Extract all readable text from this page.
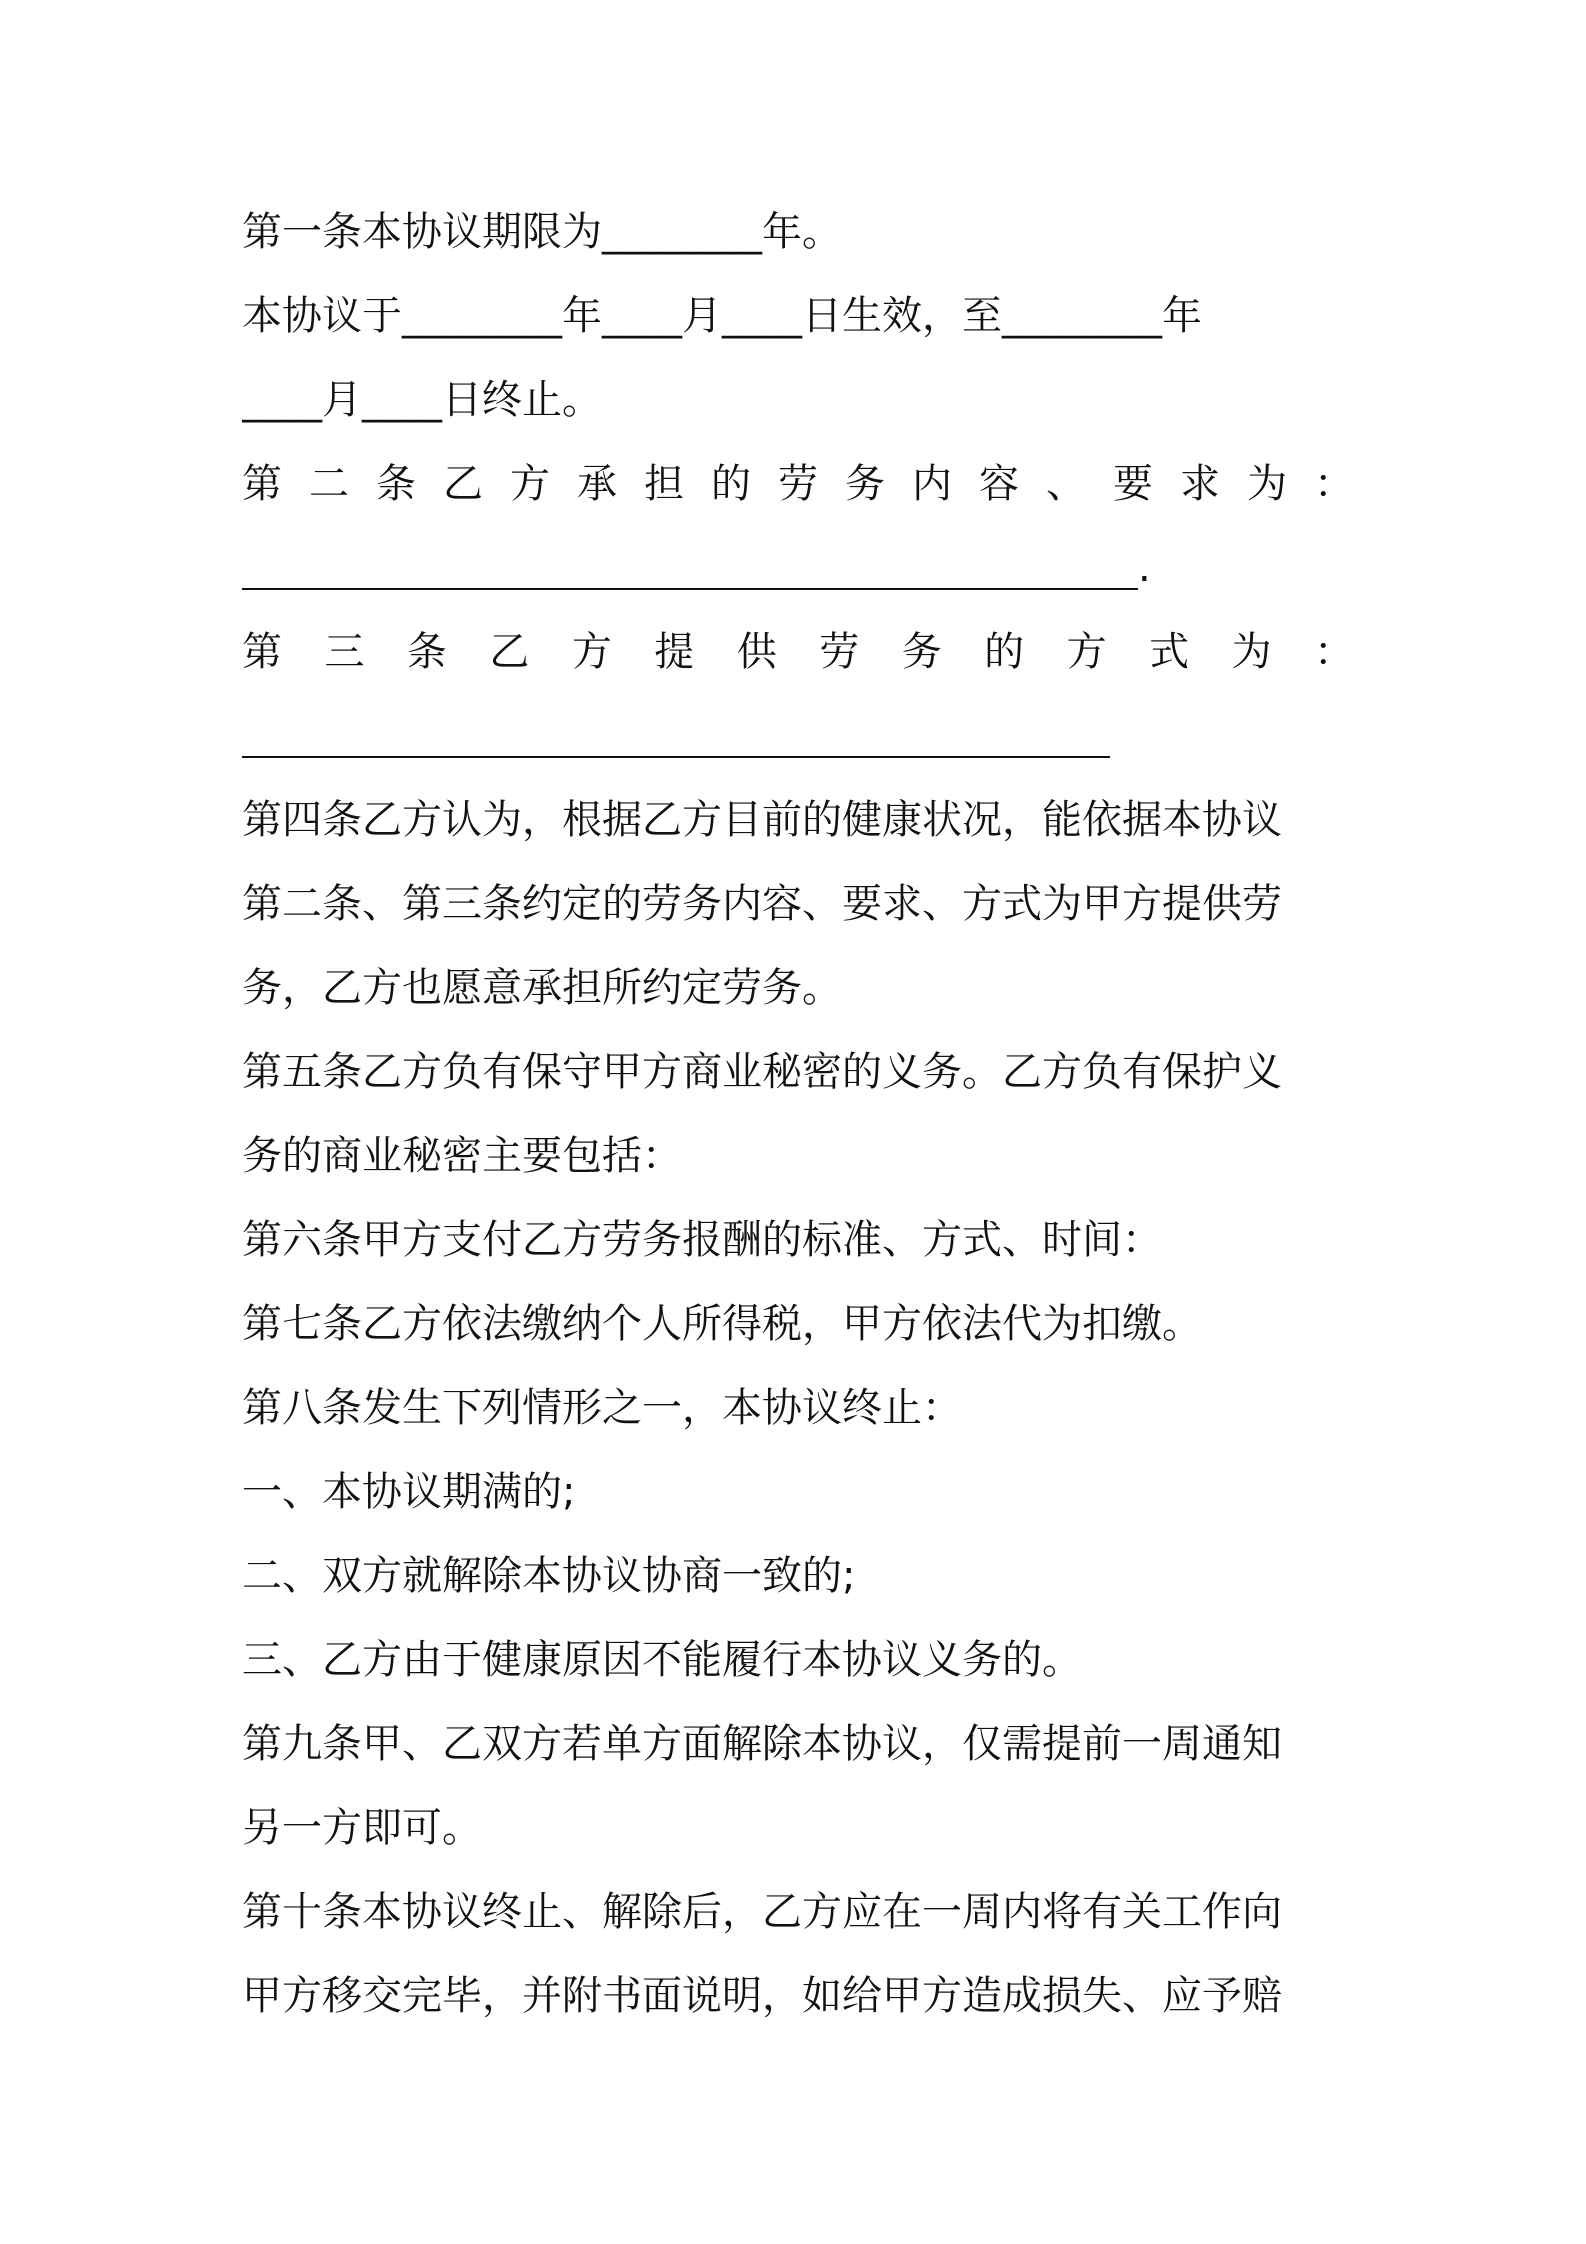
第一条本协议期限为________年。
本协议于________年____月____日生效，至________年
____月____日终止。
第二条乙方承担的劳务内容、要求为：
.
第三条乙方提供劳务的方式为：
第四条乙方认为，根据乙方目前的健康状况，能依据本协议
第二条、第三条约定的劳务内容、要求、方式为甲方提供劳
务，乙方也愿意承担所约定劳务。
第五条乙方负有保守甲方商业秘密的义务。乙方负有保护义
务的商业秘密主要包括：
第六条甲方支付乙方劳务报酬的标准、方式、时间：
第七条乙方依法缴纳个人所得税，甲方依法代为扣缴。
第八条发生下列情形之一，本协议终止：
一、本协议期满的;
二、双方就解除本协议协商一致的;
三、乙方由于健康原因不能履行本协议义务的。
第九条甲、乙双方若单方面解除本协议，仅需提前一周通知
另一方即可。
第十条本协议终止、解除后，乙方应在一周内将有关工作向
甲方移交完毕，并附书面说明，如给甲方造成损失、应予赔
